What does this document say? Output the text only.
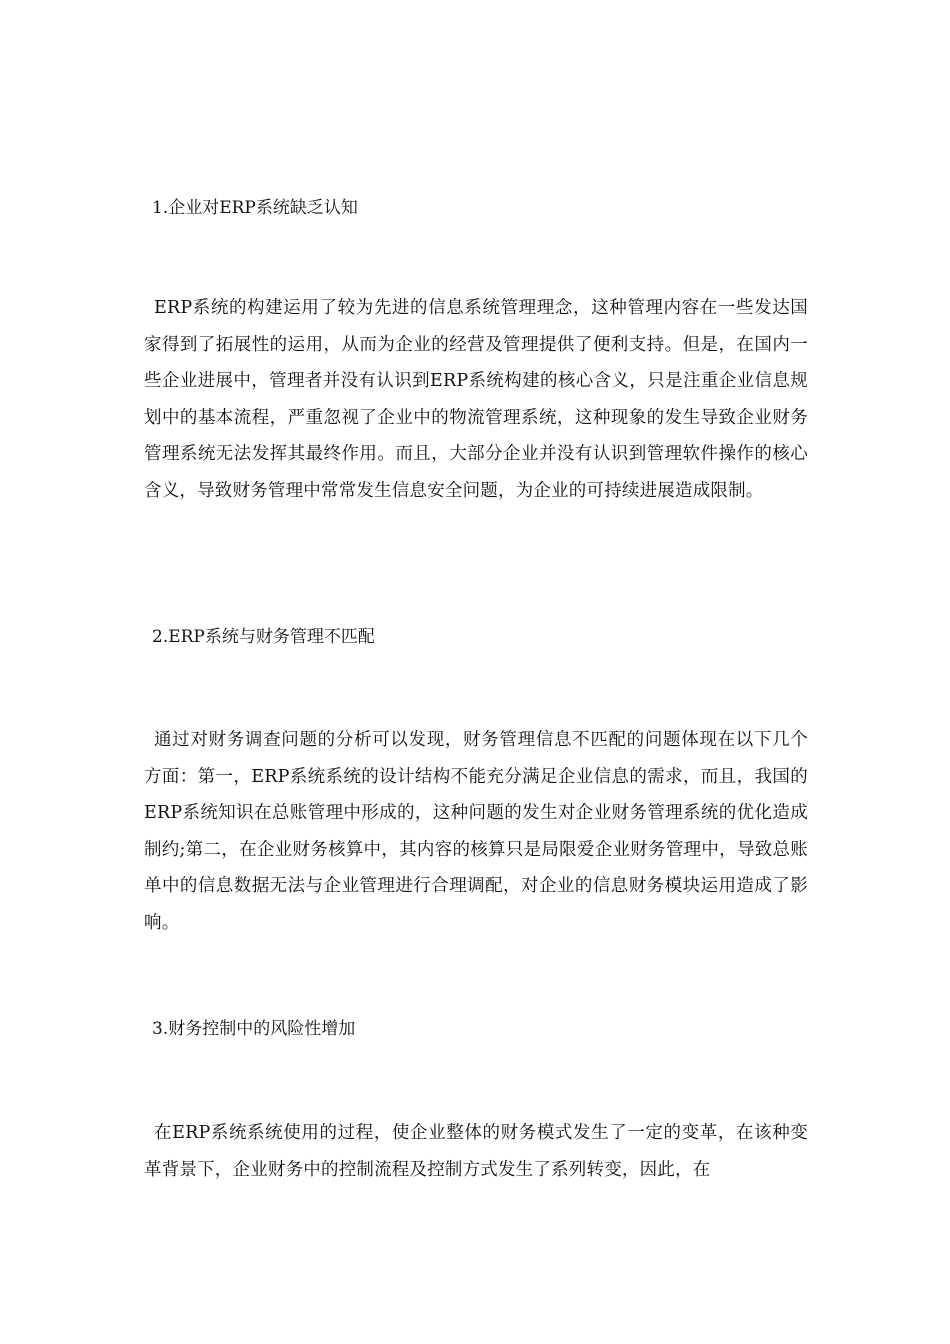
1.企业对ERP系统缺乏认知
ERP系统的构建运用了较为先进的信息系统管理理念，这种管理内容在一些发达国家得到了拓展性的运用，从而为企业的经营及管理提供了便利支持。但是，在国内一些企业进展中，管理者并没有认识到ERP系统构建的核心含义，只是注重企业信息规划中的基本流程，严重忽视了企业中的物流管理系统，这种现象的发生导致企业财务管理系统无法发挥其最终作用。而且，大部分企业并没有认识到管理软件操作的核心含义，导致财务管理中常常发生信息安全问题，为企业的可持续进展造成限制。
2.ERP系统与财务管理不匹配
通过对财务调查问题的分析可以发现，财务管理信息不匹配的问题体现在以下几个方面：第一，ERP系统系统的设计结构不能充分满足企业信息的需求，而且，我国的ERP系统知识在总账管理中形成的，这种问题的发生对企业财务管理系统的优化造成制约;第二，在企业财务核算中，其内容的核算只是局限爱企业财务管理中，导致总账单中的信息数据无法与企业管理进行合理调配，对企业的信息财务模块运用造成了影响。
3.财务控制中的风险性增加
在ERP系统系统使用的过程，使企业整体的财务模式发生了一定的变革，在该种变革背景下，企业财务中的控制流程及控制方式发生了系列转变，因此，在
